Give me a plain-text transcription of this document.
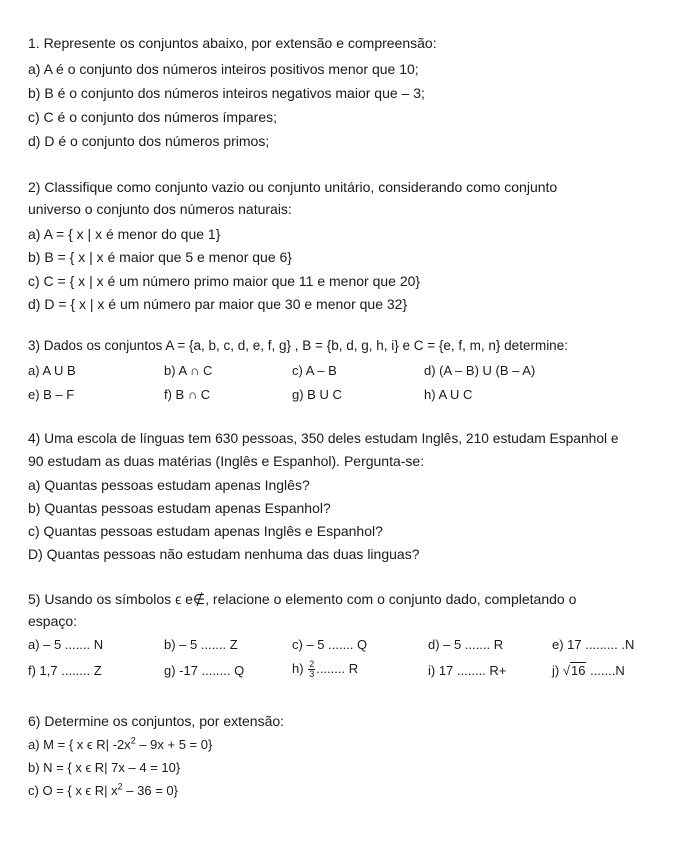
1. Represente os conjuntos abaixo, por extensão e compreensão:
a) A é o conjunto dos números inteiros positivos menor que 10;
b) B é o conjunto dos números inteiros negativos maior que – 3;
c) C é o conjunto dos números ímpares;
d) D é o conjunto dos números primos;
2) Classifique como conjunto vazio ou conjunto unitário, considerando como conjunto
universo o conjunto dos números naturais:
a) A = { x | x é menor do que 1}
b) B = { x | x é maior que 5 e menor que 6}
c) C = { x | x é um número primo maior que 11 e menor que 20}
d) D = { x | x é um número par maior que 30 e menor que 32}
3) Dados os conjuntos A = {a, b, c, d, e, f, g} , B = {b, d, g, h, i} e C = {e, f, m, n} determine:
a) A U B	b) A ∩ C	c) A – B	d) (A – B) U (B – A)
e) B – F	f) B ∩ C	g) B U C	h) A U C
4) Uma escola de línguas tem 630 pessoas, 350 deles estudam Inglês, 210 estudam Espanhol e
90 estudam as duas matérias (Inglês e Espanhol). Pergunta-se:
a) Quantas pessoas estudam apenas Inglês?
b) Quantas pessoas estudam apenas Espanhol?
c) Quantas pessoas estudam apenas Inglês e Espanhol?
D) Quantas pessoas não estudam nenhuma das duas linguas?
5) Usando os símbolos ϵ e∉, relacione o elemento com o conjunto dado, completando o
espaço:
a) – 5 ....... N	b) – 5 ....... Z	c) – 5 ....... Q	d) – 5 ....... R	e) 17 ......... .N
f) 1,7 ........ Z	g) -17 ........ Q	$h) \frac{2}{3}$ ........ R	i) 17 ........ R+	j) √16 .......N
6) Determine os conjuntos, por extensão:
a) M = { x ϵ R| $-2x^2 - 9x + 5 = 0$}
b) N = { x ϵ R| 7x – 4 = 10}
c) O = { x ϵ R| $x^2 - 36 = 0$}
